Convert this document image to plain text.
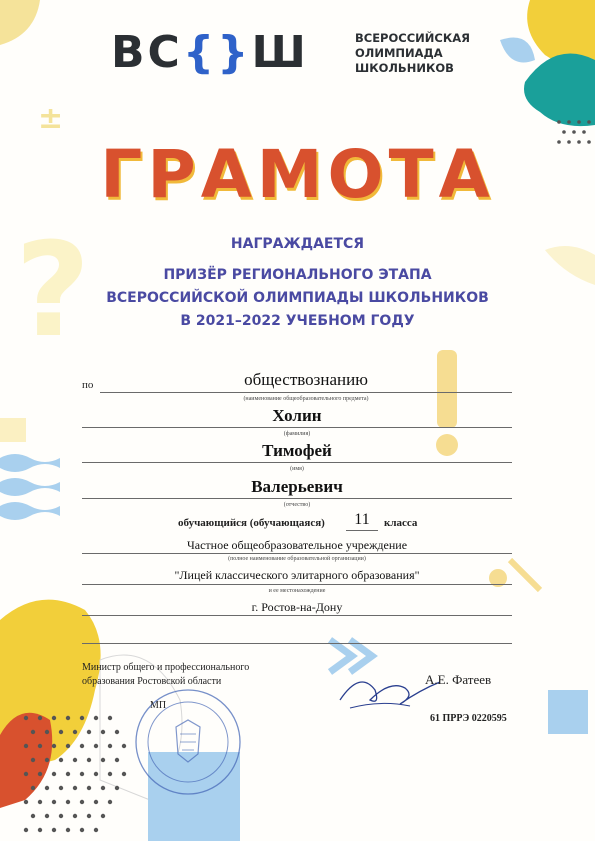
±
?
ВС{}Ш	ВСЕРОССИЙСКАЯ
ОЛИМПИАДА
ШКОЛЬНИКОВ
ГРАМОТА
НАГРАЖДАЕТСЯ
ПРИЗЁР РЕГИОНАЛЬНОГО ЭТАПА
ВСЕРОССИЙСКОЙ ОЛИМПИАДЫ ШКОЛЬНИКОВ
В 2021–2022 УЧЕБНОМ ГОДУ
по	обществознанию
(наименование общеобразовательного предмета)
Холин
(фамилия)
Тимофей
(имя)
Валерьевич
(отчество)
обучающийся (обучающаяся)	11	класса
Частное общеобразовательное учреждение
(полное наименование образовательной организации)
"Лицей классического элитарного образования"
и ее местонахождение
г. Ростов-на-Дону
Министр общего и профессионального
образования Ростовской области
МП
А.Е. Фатеев
61 ПРРЭ 0220595
